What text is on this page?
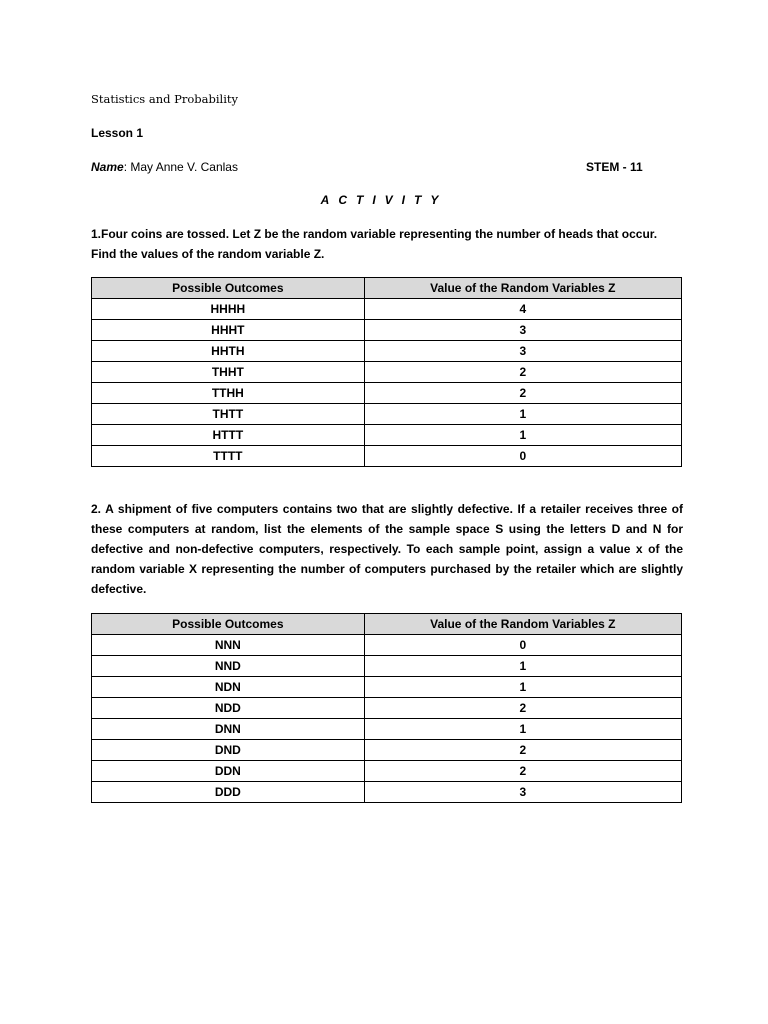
Statistics and Probability
Lesson 1
Name: May Anne V. Canlas	STEM - 11
ACTIVITY
1.Four coins are tossed. Let Z be the random variable representing the number of heads that occur. Find the values of the random variable Z.
Possible Outcomes	Value of the Random Variables Z
HHHH	4
HHHT	3
HHTH	3
THHT	2
TTHH	2
THTT	1
HTTT	1
TTTT	0
2. A shipment of five computers contains two that are slightly defective. If a retailer receives three of these computers at random, list the elements of the sample space S using the letters D and N for defective and non-defective computers, respectively. To each sample point, assign a value x of the random variable X representing the number of computers purchased by the retailer which are slightly defective.
Possible Outcomes	Value of the Random Variables Z
NNN	0
NND	1
NDN	1
NDD	2
DNN	1
DND	2
DDN	2
DDD	3
